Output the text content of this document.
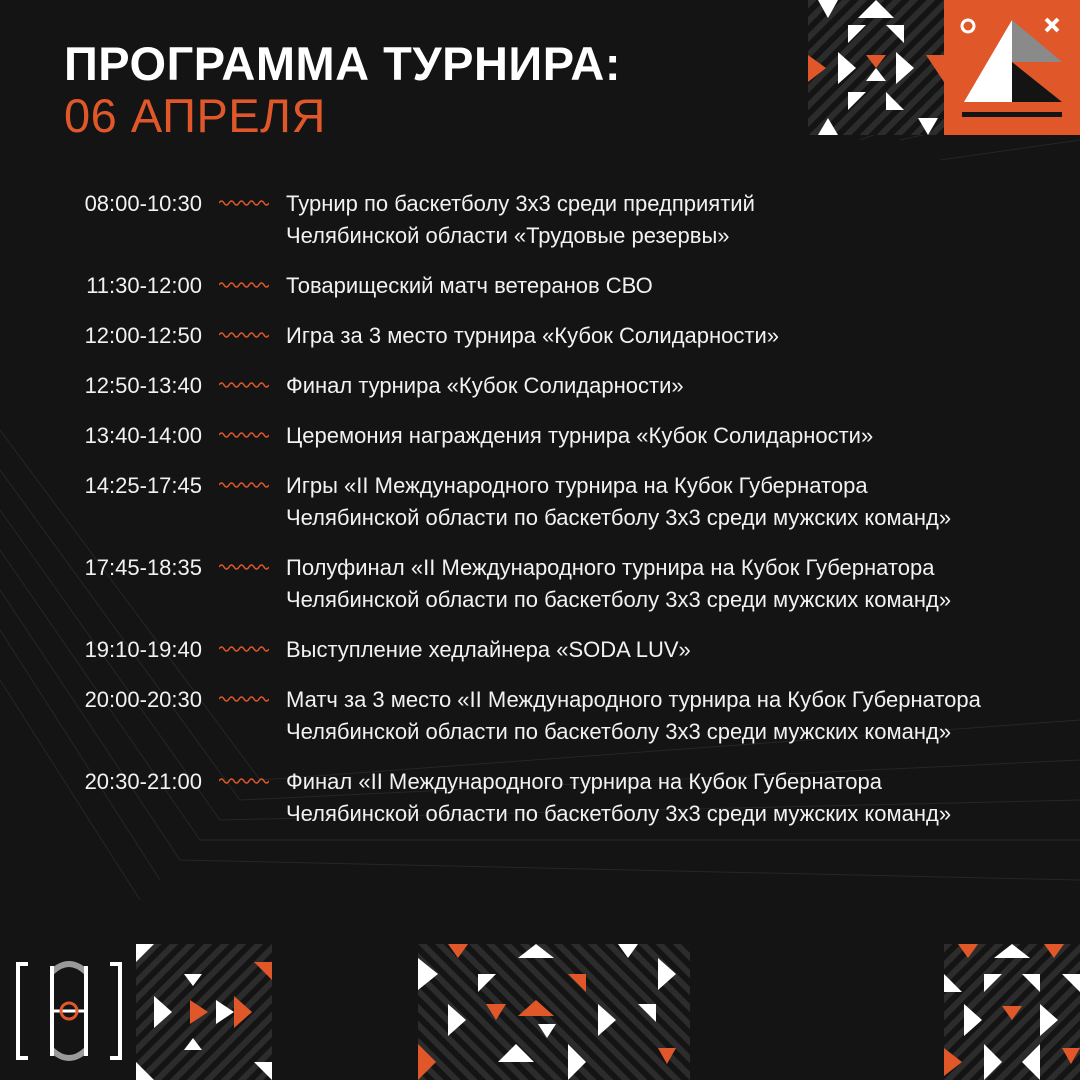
ПРОГРАММА ТУРНИРА:
06 АПРЕЛЯ
08:00-10:30	Турнир по баскетболу 3х3 среди предприятий
Челябинской области «Трудовые резервы»
11:30-12:00	Товарищеский матч ветеранов СВО
12:00-12:50	Игра за 3 место турнира «Кубок Солидарности»
12:50-13:40	Финал турнира «Кубок Солидарности»
13:40-14:00	Церемония награждения турнира «Кубок Солидарности»
14:25-17:45	Игры «II Международного турнира на Кубок Губернатора
Челябинской области по баскетболу 3х3 среди мужских команд»
17:45-18:35	Полуфинал «II Международного турнира на Кубок Губернатора
Челябинской области по баскетболу 3х3 среди мужских команд»
19:10-19:40	Выступление хедлайнера «SODA LUV»
20:00-20:30	Матч за 3 место «II Международного турнира на Кубок Губернатора
Челябинской области по баскетболу 3х3 среди мужских команд»
20:30-21:00	Финал «II Международного турнира на Кубок Губернатора
Челябинской области по баскетболу 3х3 среди мужских команд»
